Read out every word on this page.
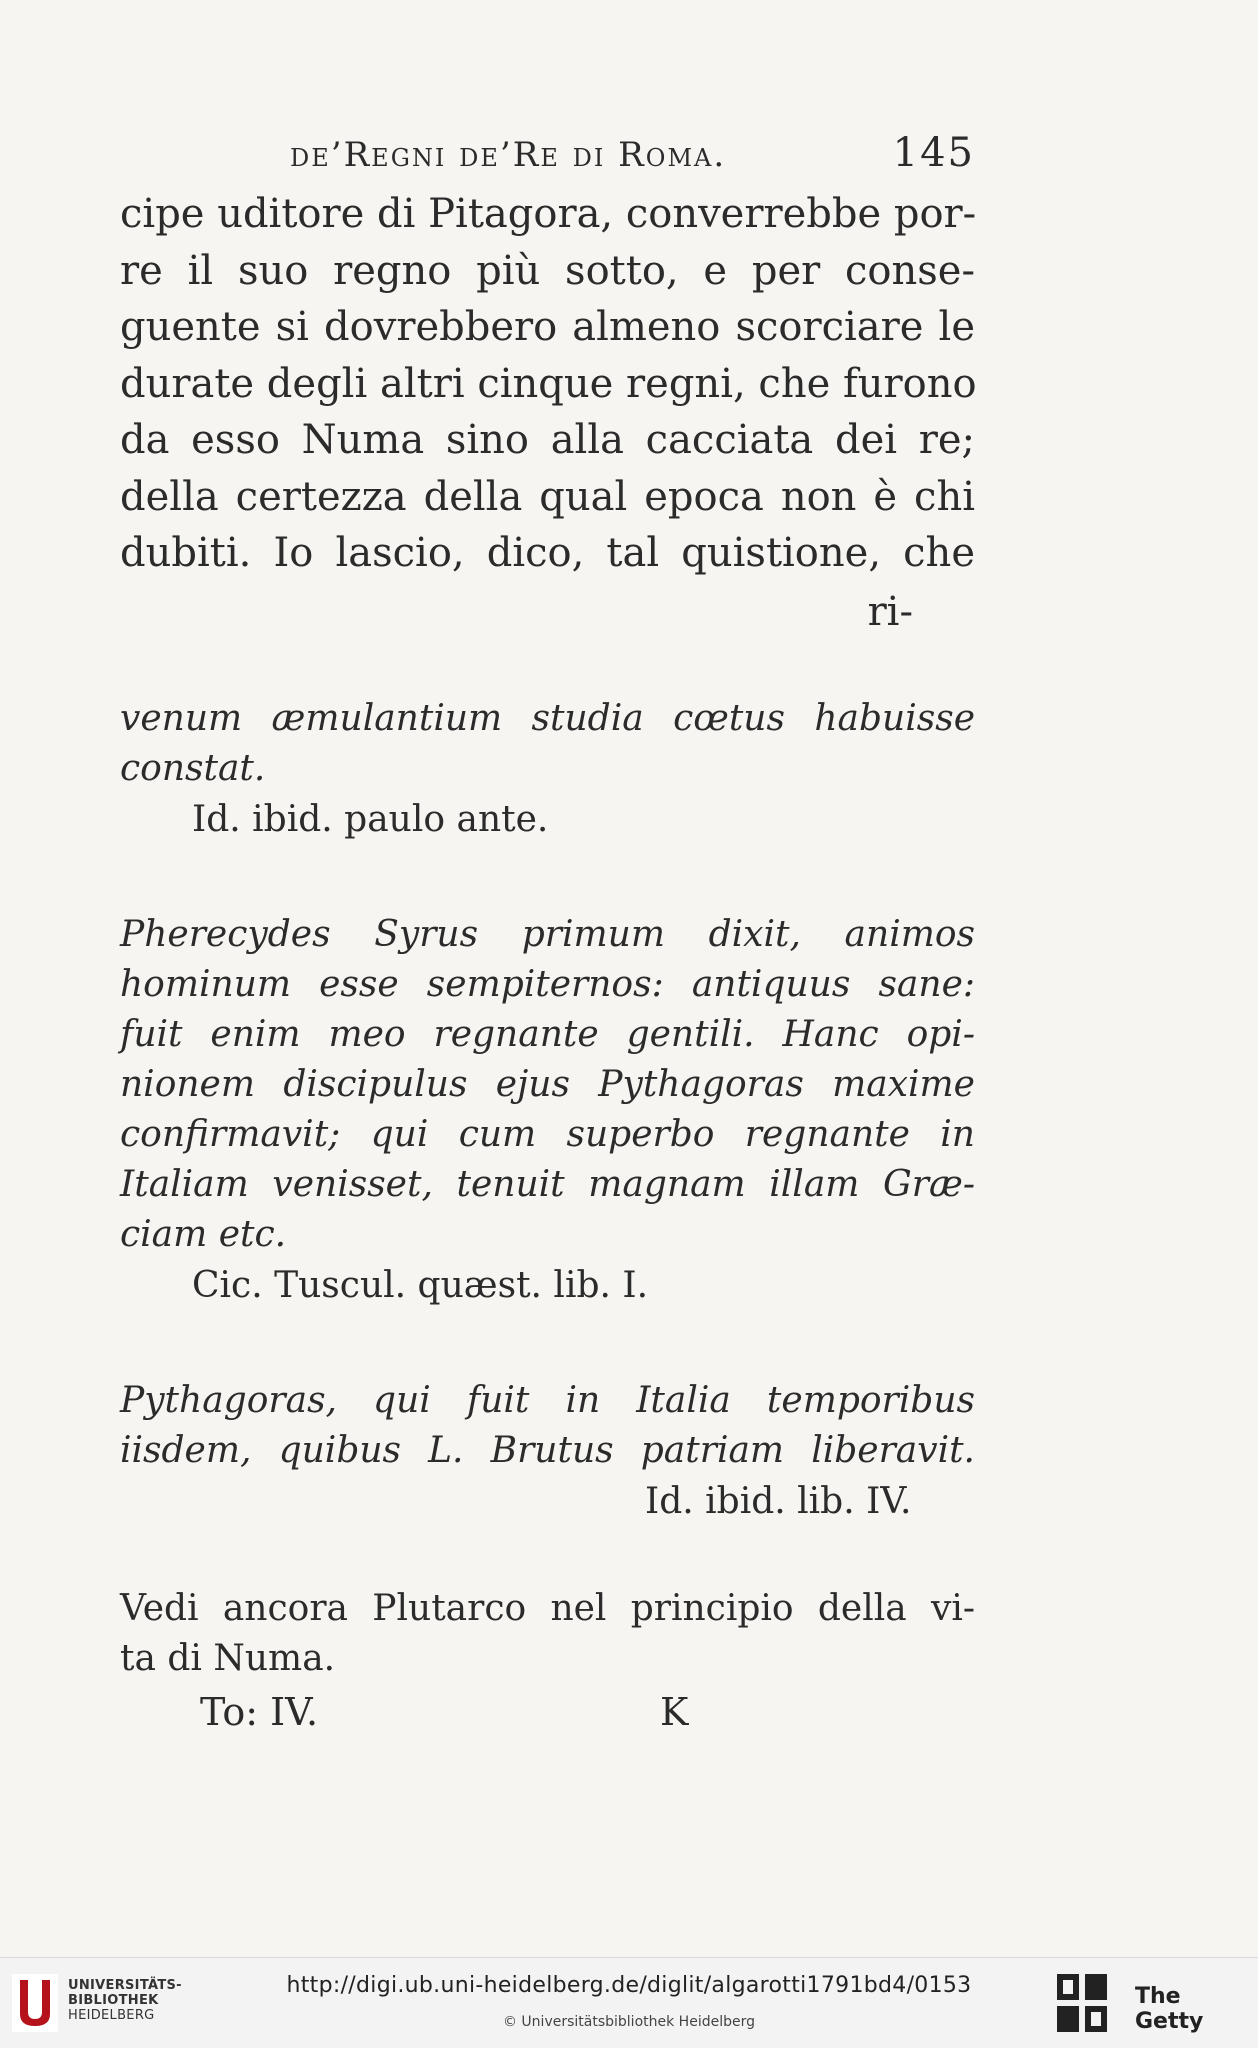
de’Regni de’Re di Roma.	145
cipe uditore di Pitagora, converrebbe por-
re il suo regno più sotto, e per conse-
guente si dovrebbero almeno scorciare le
durate degli altri cinque regni, che furono
da esso Numa sino alla cacciata dei re;
della certezza della qual epoca non è chi
dubiti. Io lascio, dico, tal quistione, che
ri-
venum æmulantium studia cœtus habuisse
constat.
Id. ibid. paulo ante.
Pherecydes Syrus primum dixit, animos
hominum esse sempiternos: antiquus sane:
fuit enim meo regnante gentili. Hanc opi-
nionem discipulus ejus Pythagoras maxime
confirmavit; qui cum superbo regnante in
Italiam venisset, tenuit magnam illam Græ-
ciam etc.
Cic. Tuscul. quæst. lib. I.
Pythagoras, qui fuit in Italia temporibus
iisdem, quibus L. Brutus patriam liberavit.
Id. ibid. lib. IV.
Vedi ancora Plutarco nel principio della vi-
ta di Numa.
To: IV.	K
UNIVERSITÄTS-
BIBLIOTHEK
HEIDELBERG
http://digi.ub.uni-heidelberg.de/diglit/algarotti1791bd4/0153
© Universitätsbibliothek Heidelberg
The Getty
